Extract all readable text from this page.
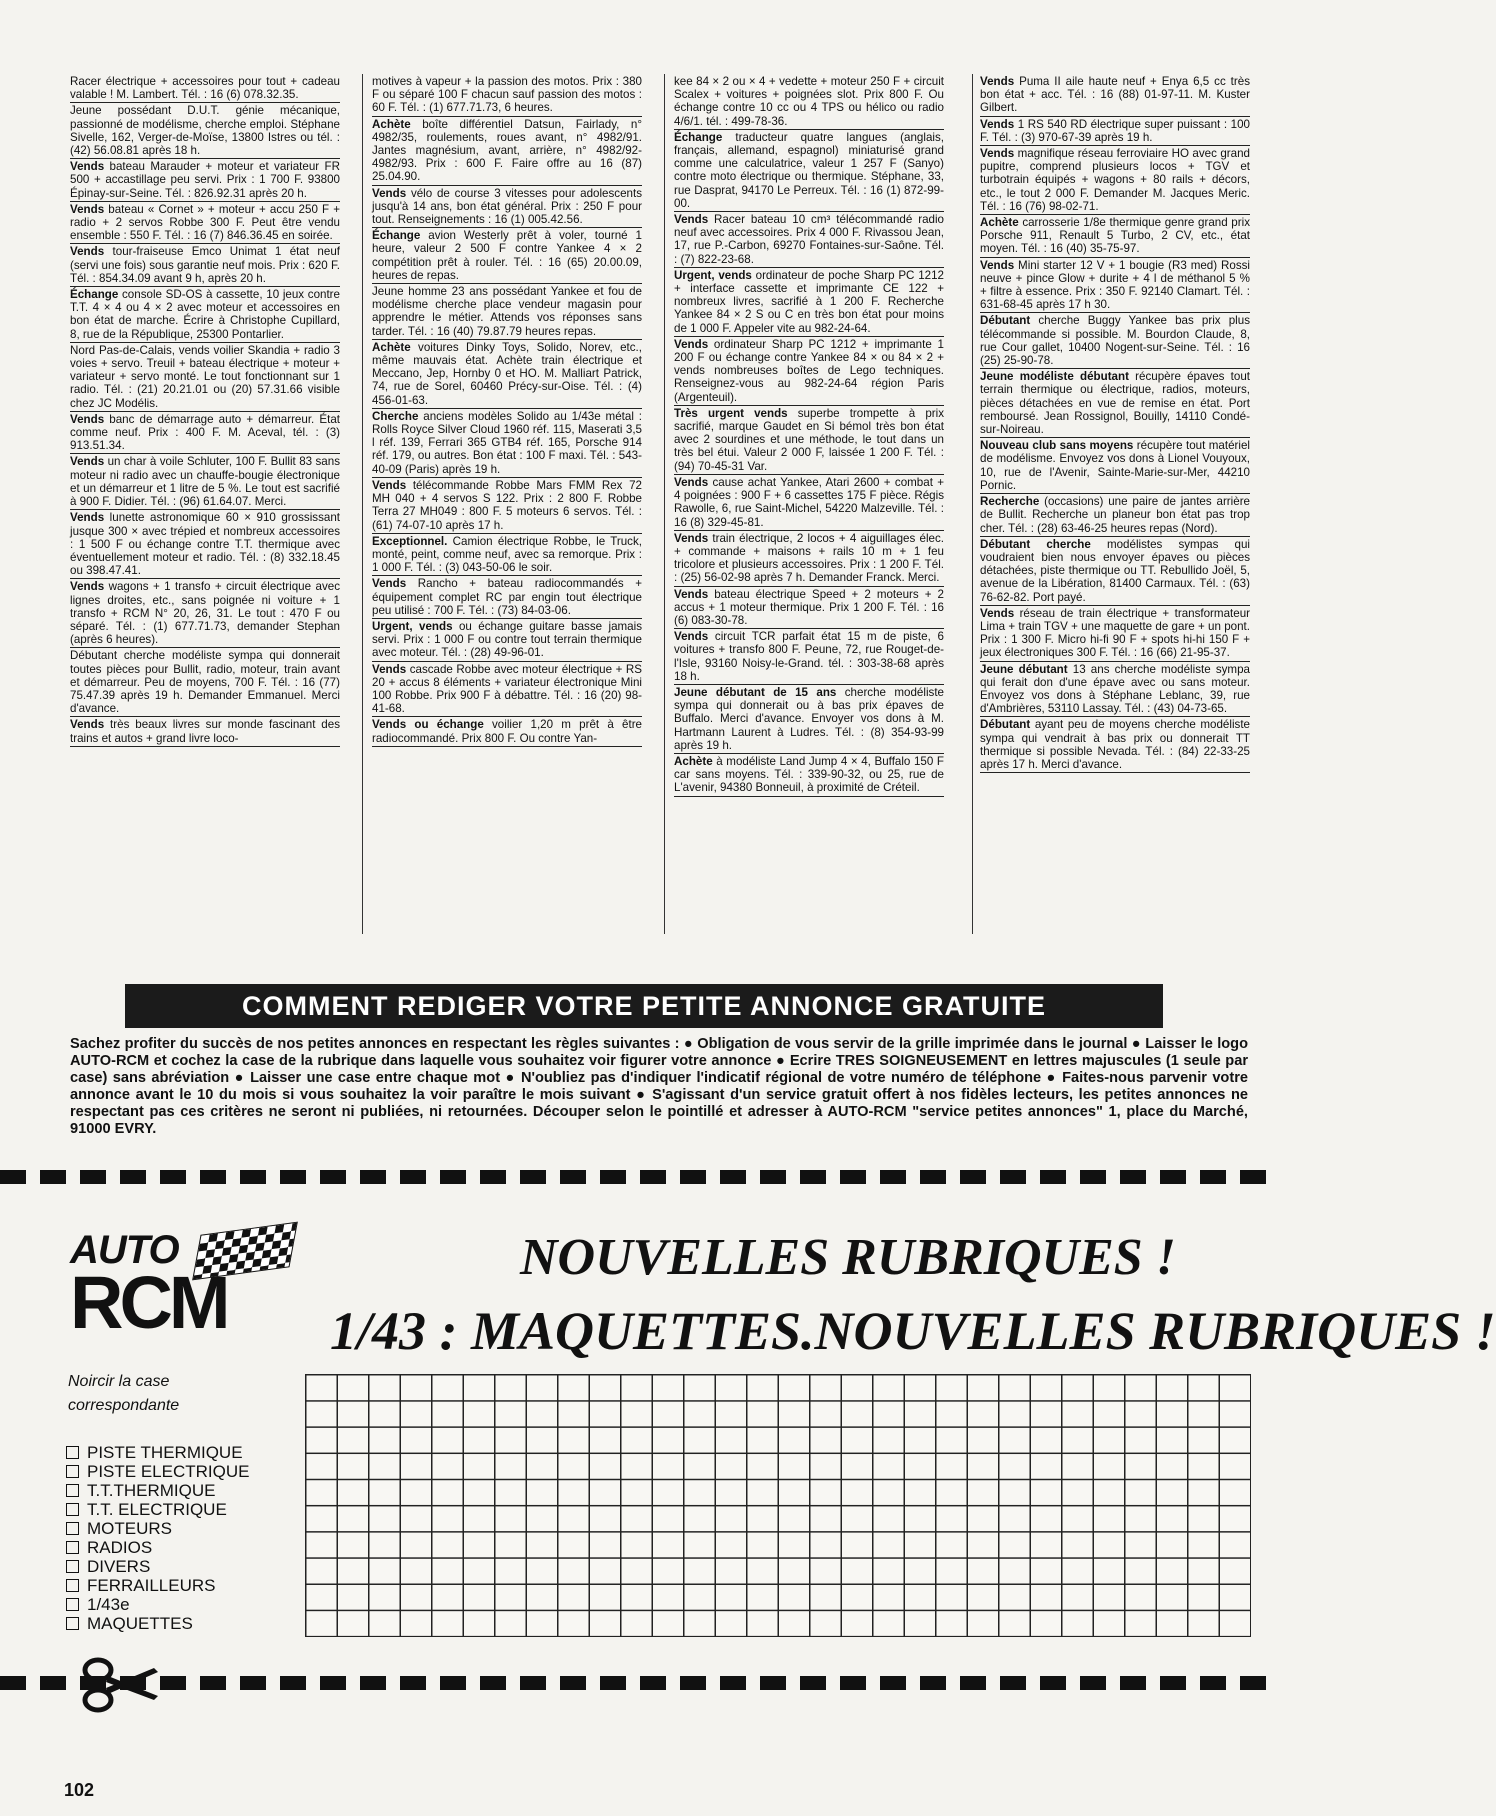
Racer électrique + accessoires pour tout + cadeau valable ! M. Lambert. Tél. : 16 (6) 078.32.35.

Jeune possédant D.U.T. génie mécanique, passionné de modélisme, cherche emploi. Stéphane Sivelle, 162, Verger-de-Moïse, 13800 Istres ou tél. : (42) 56.08.81 après 18 h.

Vends bateau Marauder + moteur et variateur FR 500 + accastillage peu servi. Prix : 1 700 F. 93800 Épinay-sur-Seine. Tél. : 826.92.31 après 20 h.

Vends bateau « Cornet » + moteur + accu 250 F + radio + 2 servos Robbe 300 F. Peut être vendu ensemble : 550 F. Tél. : 16 (7) 846.36.45 en soirée.

Vends tour-fraiseuse Emco Unimat 1 état neuf (servi une fois) sous garantie neuf mois. Prix : 620 F. Tél. : 854.34.09 avant 9 h, après 20 h.

Échange console SD-OS à cassette, 10 jeux contre T.T. 4 × 4 ou 4 × 2 avec moteur et accessoires en bon état de marche. Écrire à Christophe Cupillard, 8, rue de la République, 25300 Pontarlier.

Nord Pas-de-Calais, vends voilier Skandia + radio 3 voies + servo. Treuil + bateau électrique + moteur + variateur + servo monté. Le tout fonctionnant sur 1 radio. Tél. : (21) 20.21.01 ou (20) 57.31.66 visible chez JC Modélis.

Vends banc de démarrage auto + démarreur. État comme neuf. Prix : 400 F. M. Aceval, tél. : (3) 913.51.34.

Vends un char à voile Schluter, 100 F. Bullit 83 sans moteur ni radio avec un chauffe-bougie électronique et un démarreur et 1 litre de 5 %. Le tout est sacrifié à 900 F. Didier. Tél. : (96) 61.64.07. Merci.

Vends lunette astronomique 60 × 910 grossissant jusque 300 × avec trépied et nombreux accessoires : 1 500 F ou échange contre T.T. thermique avec éventuellement moteur et radio. Tél. : (8) 332.18.45 ou 398.47.41.

Vends wagons + 1 transfo + circuit électrique avec lignes droites, etc., sans poignée ni voiture + 1 transfo + RCM N° 20, 26, 31. Le tout : 470 F ou séparé. Tél. : (1) 677.71.73, demander Stephan (après 6 heures).

Débutant cherche modéliste sympa qui donnerait toutes pièces pour Bullit, radio, moteur, train avant et démarreur. Peu de moyens, 700 F. Tél. : 16 (77) 75.47.39 après 19 h. Demander Emmanuel. Merci d'avance.

Vends très beaux livres sur monde fascinant des trains et autos + grand livre loco-

motives à vapeur + la passion des motos. Prix : 380 F ou séparé 100 F chacun sauf passion des motos : 60 F. Tél. : (1) 677.71.73, 6 heures.

Achète boîte différentiel Datsun, Fairlady, n° 4982/35, roulements, roues avant, n° 4982/91. Jantes magnésium, avant, arrière, n° 4982/92-4982/93. Prix : 600 F. Faire offre au 16 (87) 25.04.90.

Vends vélo de course 3 vitesses pour adolescents jusqu'à 14 ans, bon état général. Prix : 250 F pour tout. Renseignements : 16 (1) 005.42.56.

Échange avion Westerly prêt à voler, tourné 1 heure, valeur 2 500 F contre Yankee 4 × 2 compétition prêt à rouler. Tél. : 16 (65) 20.00.09, heures de repas.

Jeune homme 23 ans possédant Yankee et fou de modélisme cherche place vendeur magasin pour apprendre le métier. Attends vos réponses sans tarder. Tél. : 16 (40) 79.87.79 heures repas.

Achète voitures Dinky Toys, Solido, Norev, etc., même mauvais état. Achète train électrique et Meccano, Jep, Hornby 0 et HO. M. Malliart Patrick, 74, rue de Sorel, 60460 Précy-sur-Oise. Tél. : (4) 456-01-63.

Cherche anciens modèles Solido au 1/43e métal : Rolls Royce Silver Cloud 1960 réf. 115, Maserati 3,5 l réf. 139, Ferrari 365 GTB4 réf. 165, Porsche 914 réf. 179, ou autres. Bon état : 100 F maxi. Tél. : 543-40-09 (Paris) après 19 h.

Vends télécommande Robbe Mars FMM Rex 72 MH 040 + 4 servos S 122. Prix : 2 800 F. Robbe Terra 27 MH049 : 800 F. 5 moteurs 6 servos. Tél. : (61) 74-07-10 après 17 h.

Exceptionnel. Camion électrique Robbe, le Truck, monté, peint, comme neuf, avec sa remorque. Prix : 1 000 F. Tél. : (3) 043-50-06 le soir.

Vends Rancho + bateau radiocommandés + équipement complet RC par engin tout électrique peu utilisé : 700 F. Tél. : (73) 84-03-06.

Urgent, vends ou échange guitare basse jamais servi. Prix : 1 000 F ou contre tout terrain thermique avec moteur. Tél. : (28) 49-96-01.

Vends cascade Robbe avec moteur électrique + RS 20 + accus 8 éléments + variateur électronique Mini 100 Robbe. Prix 900 F à débattre. Tél. : 16 (20) 98-41-68.

Vends ou échange voilier 1,20 m prêt à être radiocommandé. Prix 800 F. Ou contre Yan-

kee 84 × 2 ou × 4 + vedette + moteur 250 F + circuit Scalex + voitures + poignées slot. Prix 800 F. Ou échange contre 10 cc ou 4 TPS ou hélico ou radio 4/6/1. tél. : 499-78-36.

Échange traducteur quatre langues (anglais, français, allemand, espagnol) miniaturisé grand comme une calculatrice, valeur 1 257 F (Sanyo) contre moto électrique ou thermique. Stéphane, 33, rue Dasprat, 94170 Le Perreux. Tél. : 16 (1) 872-99-00.

Vends Racer bateau 10 cm³ télécommandé radio neuf avec accessoires. Prix 4 000 F. Rivassou Jean, 17, rue P.-Carbon, 69270 Fontaines-sur-Saône. Tél. : (7) 822-23-68.

Urgent, vends ordinateur de poche Sharp PC 1212 + interface cassette et imprimante CE 122 + nombreux livres, sacrifié à 1 200 F. Recherche Yankee 84 × 2 S ou C en très bon état pour moins de 1 000 F. Appeler vite au 982-24-64.

Vends ordinateur Sharp PC 1212 + imprimante 1 200 F ou échange contre Yankee 84 × ou 84 × 2 + vends nombreuses boîtes de Lego techniques. Renseignez-vous au 982-24-64 région Paris (Argenteuil).

Très urgent vends superbe trompette à prix sacrifié, marque Gaudet en Si bémol très bon état avec 2 sourdines et une méthode, le tout dans un très bel étui. Valeur 2 000 F, laissée 1 200 F. Tél. : (94) 70-45-31 Var.

Vends cause achat Yankee, Atari 2600 + combat + 4 poignées : 900 F + 6 cassettes 175 F pièce. Régis Rawolle, 6, rue Saint-Michel, 54220 Malzeville. Tél. : 16 (8) 329-45-81.

Vends train électrique, 2 locos + 4 aiguillages élec. + commande + maisons + rails 10 m + 1 feu tricolore et plusieurs accessoires. Prix : 1 200 F. Tél. : (25) 56-02-98 après 7 h. Demander Franck. Merci.

Vends bateau électrique Speed + 2 moteurs + 2 accus + 1 moteur thermique. Prix 1 200 F. Tél. : 16 (6) 083-30-78.

Vends circuit TCR parfait état 15 m de piste, 6 voitures + transfo 800 F. Peune, 72, rue Rouget-de-l'Isle, 93160 Noisy-le-Grand. tél. : 303-38-68 après 18 h.

Jeune débutant de 15 ans cherche modéliste sympa qui donnerait ou à bas prix épaves de Buffalo. Merci d'avance. Envoyer vos dons à M. Hartmann Laurent à Ludres. Tél. : (8) 354-93-99 après 19 h.

Achète à modéliste Land Jump 4 × 4, Buffalo 150 F car sans moyens. Tél. : 339-90-32, ou 25, rue de L'avenir, 94380 Bonneuil, à proximité de Créteil.

Vends Puma II aile haute neuf + Enya 6,5 cc très bon état + acc. Tél. : 16 (88) 01-97-11. M. Kuster Gilbert.

Vends 1 RS 540 RD électrique super puissant : 100 F. Tél. : (3) 970-67-39 après 19 h.

Vends magnifique réseau ferroviaire HO avec grand pupitre, comprend plusieurs locos + TGV et turbotrain équipés + wagons + 80 rails + décors, etc., le tout 2 000 F. Demander M. Jacques Meric. Tél. : 16 (76) 98-02-71.

Achète carrosserie 1/8e thermique genre grand prix Porsche 911, Renault 5 Turbo, 2 CV, etc., état moyen. Tél. : 16 (40) 35-75-97.

Vends Mini starter 12 V + 1 bougie (R3 med) Rossi neuve + pince Glow + durite + 4 l de méthanol 5 % + filtre à essence. Prix : 350 F. 92140 Clamart. Tél. : 631-68-45 après 17 h 30.

Débutant cherche Buggy Yankee bas prix plus télécommande si possible. M. Bourdon Claude, 8, rue Cour gallet, 10400 Nogent-sur-Seine. Tél. : 16 (25) 25-90-78.

Jeune modéliste débutant récupère épaves tout terrain thermique ou électrique, radios, moteurs, pièces détachées en vue de remise en état. Port remboursé. Jean Rossignol, Bouilly, 14110 Condé-sur-Noireau.

Nouveau club sans moyens récupère tout matériel de modélisme. Envoyez vos dons à Lionel Vouyoux, 10, rue de l'Avenir, Sainte-Marie-sur-Mer, 44210 Pornic.

Recherche (occasions) une paire de jantes arrière de Bullit. Recherche un planeur bon état pas trop cher. Tél. : (28) 63-46-25 heures repas (Nord).

Débutant cherche modélistes sympas qui voudraient bien nous envoyer épaves ou pièces détachées, piste thermique ou TT. Rebullido Joël, 5, avenue de la Libération, 81400 Carmaux. Tél. : (63) 76-62-82. Port payé.

Vends réseau de train électrique + transformateur Lima + train TGV + une maquette de gare + un pont. Prix : 1 300 F. Micro hi-fi 90 F + spots hi-hi 150 F + jeux électroniques 300 F. Tél. : 16 (66) 21-95-37.

Jeune débutant 13 ans cherche modéliste sympa qui ferait don d'une épave avec ou sans moteur. Envoyez vos dons à Stéphane Leblanc, 39, rue d'Ambrières, 53110 Lassay. Tél. : (43) 04-73-65.

Débutant ayant peu de moyens cherche modéliste sympa qui vendrait à bas prix ou donnerait TT thermique si possible Nevada. Tél. : (84) 22-33-25 après 17 h. Merci d'avance.

COMMENT REDIGER VOTRE PETITE ANNONCE GRATUITE
Sachez profiter du succès de nos petites annonces en respectant les règles suivantes : ● Obligation de vous servir de la grille imprimée dans le journal ● Laisser le logo AUTO-RCM et cochez la case de la rubrique dans laquelle vous souhaitez voir figurer votre annonce ● Ecrire TRES SOIGNEUSEMENT en lettres majuscules (1 seule par case) sans abréviation ● Laisser une case entre chaque mot ● N'oubliez pas d'indiquer l'indicatif régional de votre numéro de téléphone ● Faites-nous parvenir votre annonce avant le 10 du mois si vous souhaitez la voir paraître le mois suivant ● S'agissant d'un service gratuit offert à nos fidèles lecteurs, les petites annonces ne respectant pas ces critères ne seront ni publiées, ni retournées. Découper selon le pointillé et adresser à AUTO-RCM "service petites annonces" 1, place du Marché, 91000 EVRY.
AUTO
RCM
NOUVELLES RUBRIQUES !
1/43 : MAQUETTES.NOUVELLES RUBRIQUES !
Noircir la case correspondante
PISTE THERMIQUE
PISTE ELECTRIQUE
T.T.THERMIQUE
T.T. ELECTRIQUE
MOTEURS
RADIOS
DIVERS
FERRAILLEURS
1/43e
MAQUETTES
102
